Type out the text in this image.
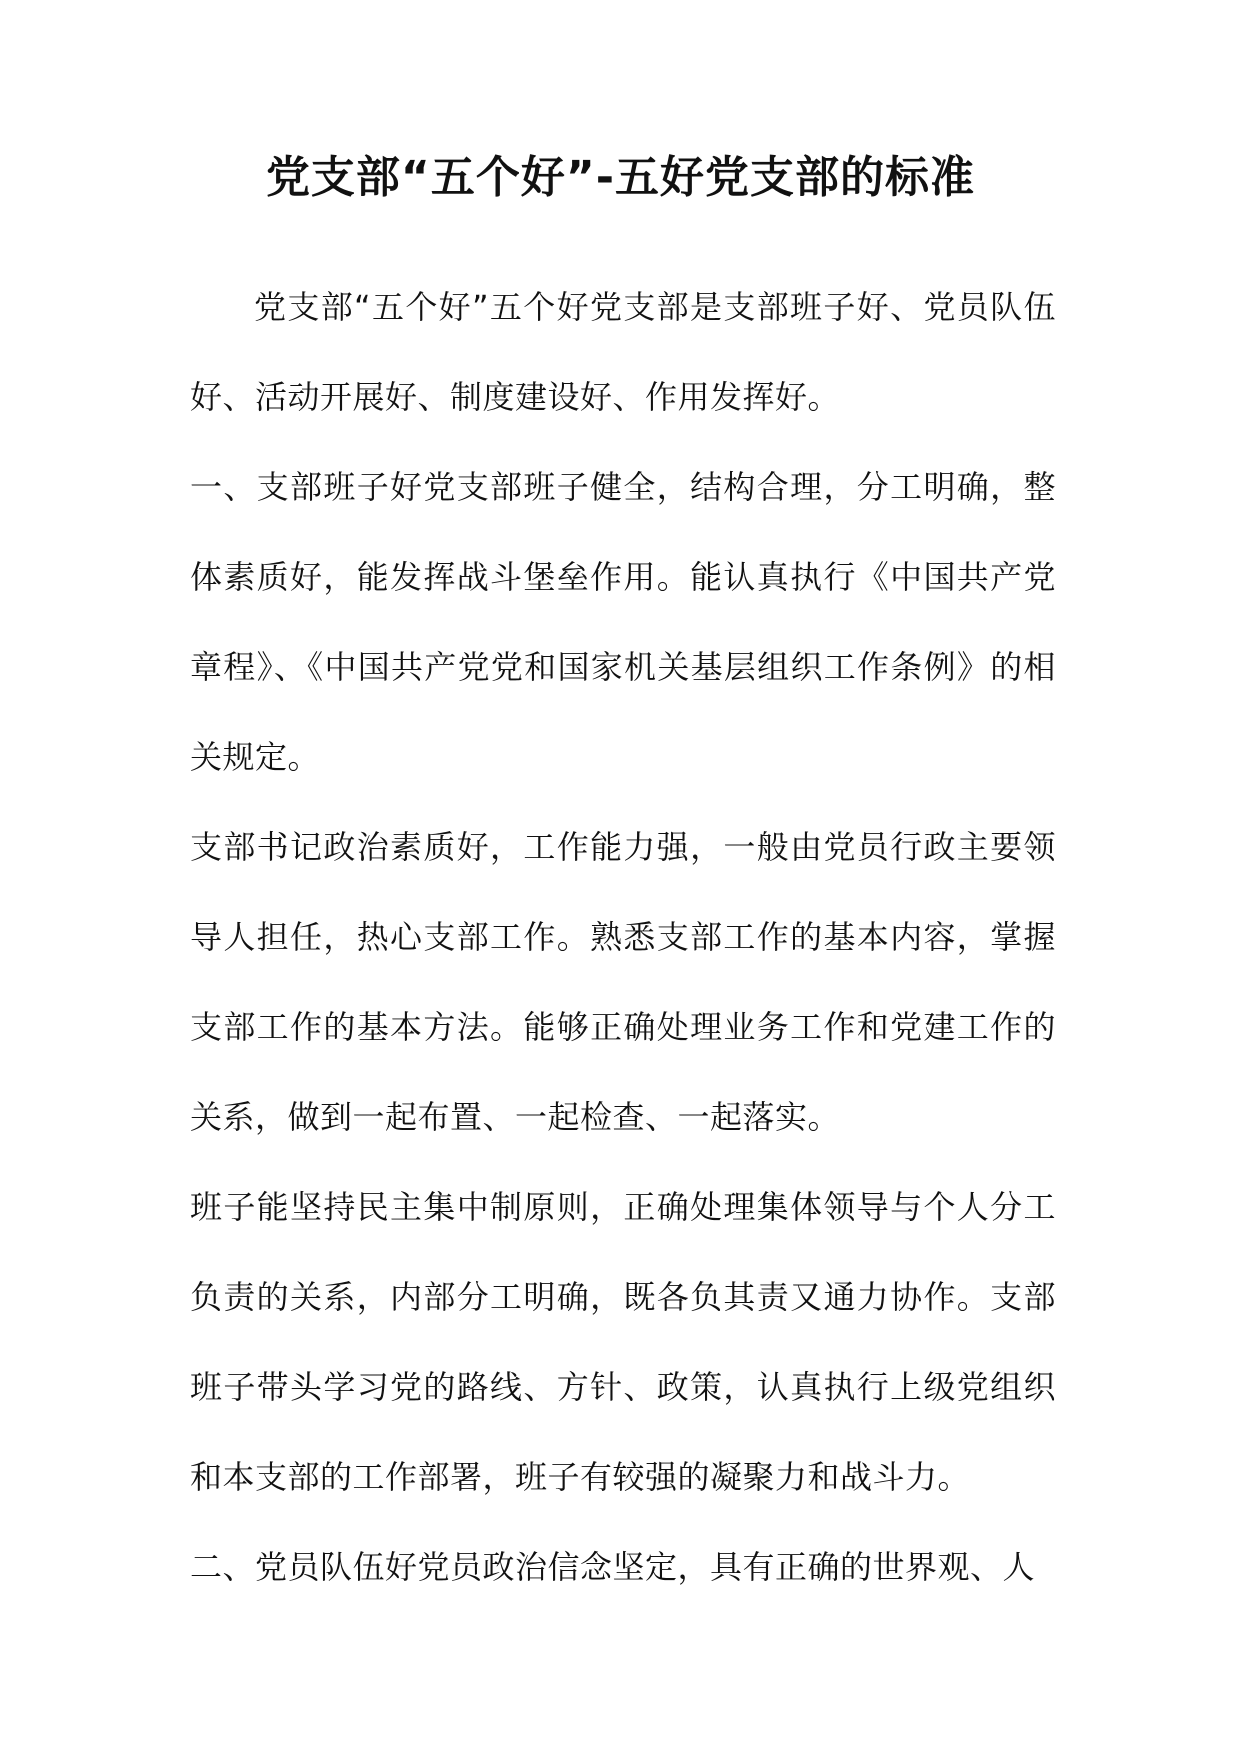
党支部“五个好”-五好党支部的标准

党支部“五个好”五个好党支部是支部班子好、党员队伍好、活动开展好、制度建设好、作用发挥好。

一、支部班子好党支部班子健全，结构合理，分工明确，整体素质好，能发挥战斗堡垒作用。能认真执行《中国共产党章程》、《中国共产党党和国家机关基层组织工作条例》的相关规定。

支部书记政治素质好，工作能力强，一般由党员行政主要领导人担任，热心支部工作。熟悉支部工作的基本内容，掌握支部工作的基本方法。能够正确处理业务工作和党建工作的关系，做到一起布置、一起检查、一起落实。

班子能坚持民主集中制原则，正确处理集体领导与个人分工负责的关系，内部分工明确，既各负其责又通力协作。支部班子带头学习党的路线、方针、政策，认真执行上级党组织和本支部的工作部署，班子有较强的凝聚力和战斗力。

二、党员队伍好党员政治信念坚定，具有正确的世界观、人
